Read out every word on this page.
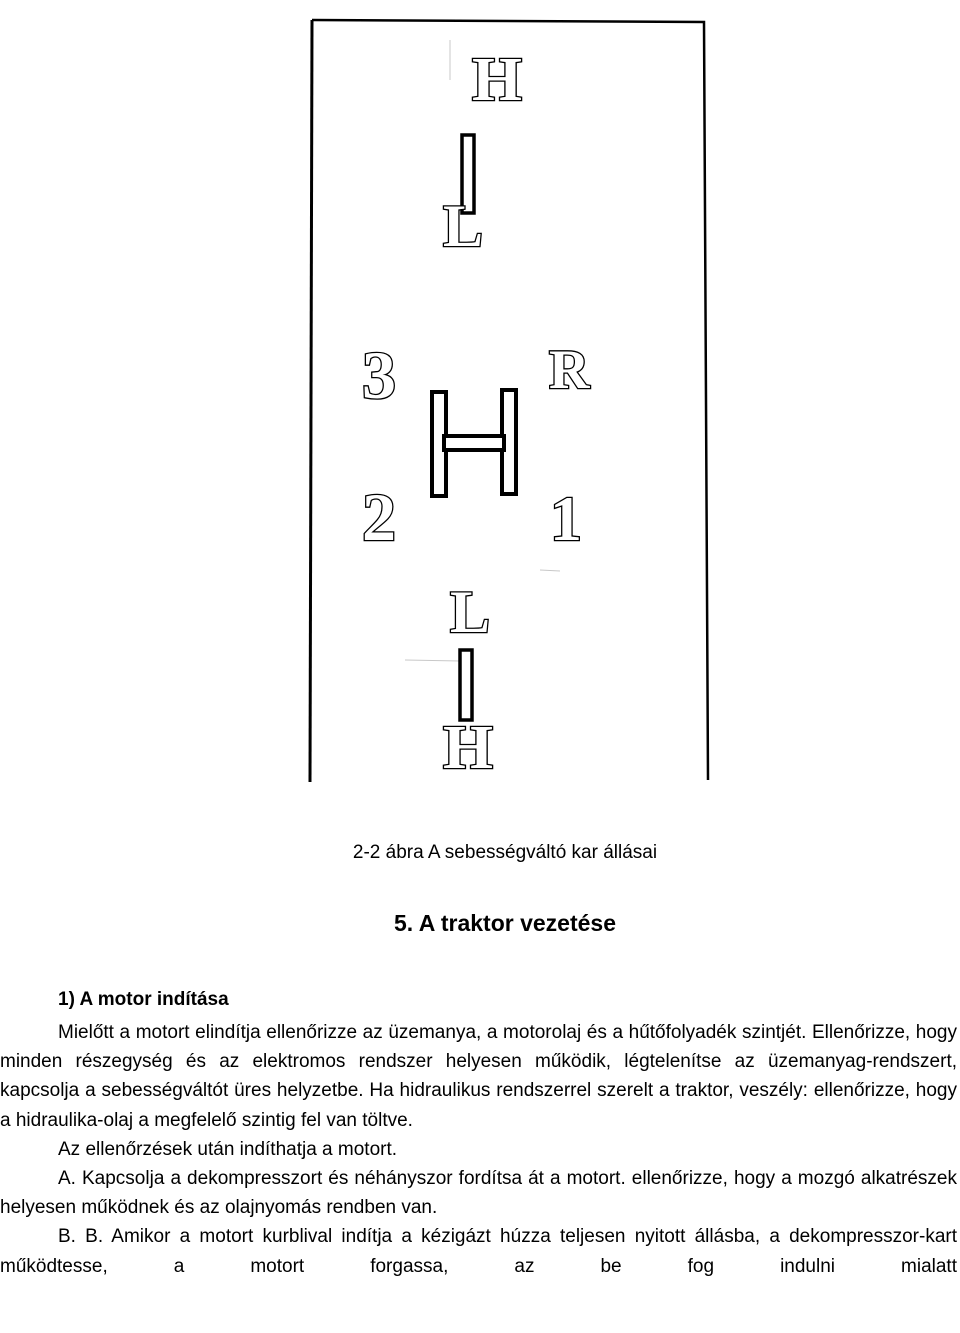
H
L
3	R
2 1
L
H
2-2 ábra A sebességváltó kar állásai
5. A traktor vezetése
1) A motor indítása

Mielőtt a motort elindítja ellenőrizze az üzemanya, a motorolaj és a hűtőfolyadék szintjét. Ellenőrizze, hogy minden részegység és az elektromos rendszer helyesen működik, légtelenítse az üzemanyag-rendszert, kapcsolja a sebességváltót üres helyzetbe. Ha hidraulikus rendszerrel szerelt a traktor, veszély: ellenőrizze, hogy a hidraulika-olaj a megfelelő szintig fel van töltve.

Az ellenőrzések után indíthatja a motort.

A. Kapcsolja a dekompresszort és néhányszor fordítsa át a motort. ellenőrizze, hogy a mozgó alkatrészek helyesen működnek és az olajnyomás rendben van.

B. B. Amikor a motort kurblival indítja a kézigázt húzza teljesen nyitott állásba, a dekompresszor-kart működtesse, a motort forgassa, az be fog indulni mialatt
